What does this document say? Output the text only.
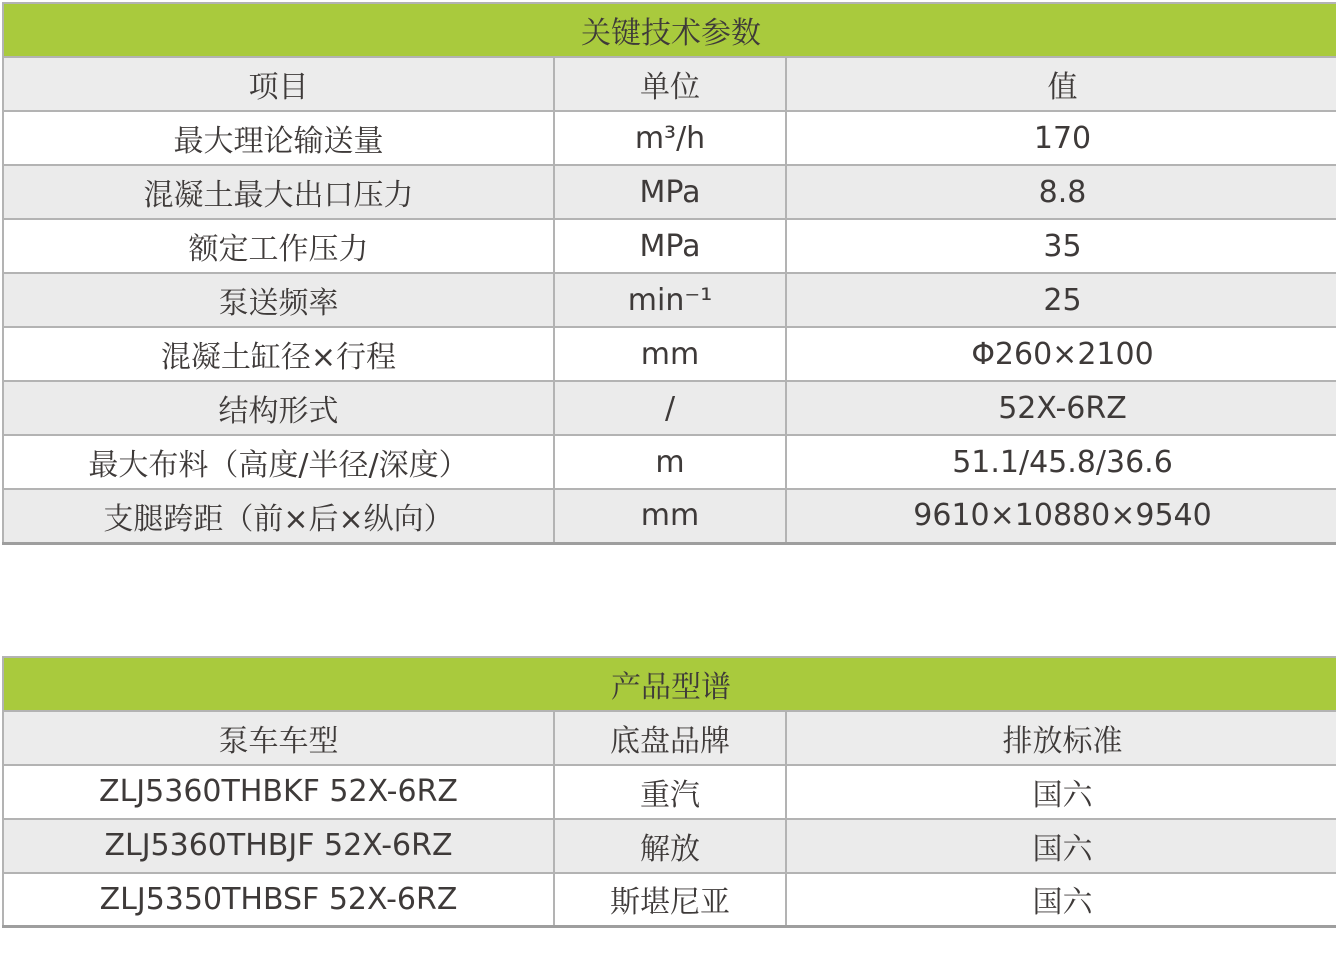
关键技术参数		
项目	单位	值
最大理论输送量	m³/h	170
混凝土最大出口压力	MPa	8.8
额定工作压力	MPa	35
泵送频率	min⁻¹	25
混凝土缸径×行程	mm	Φ260×2100
结构形式	/	52X-6RZ
最大布料（高度/半径/深度）	m	51.1/45.8/36.6
支腿跨距（前×后×纵向）	mm	9610×10880×9540
产品型谱		
泵车车型	底盘品牌	排放标准
ZLJ5360THBKF 52X-6RZ	重汽	国六
ZLJ5360THBJF 52X-6RZ	解放	国六
ZLJ5350THBSF 52X-6RZ	斯堪尼亚	国六
